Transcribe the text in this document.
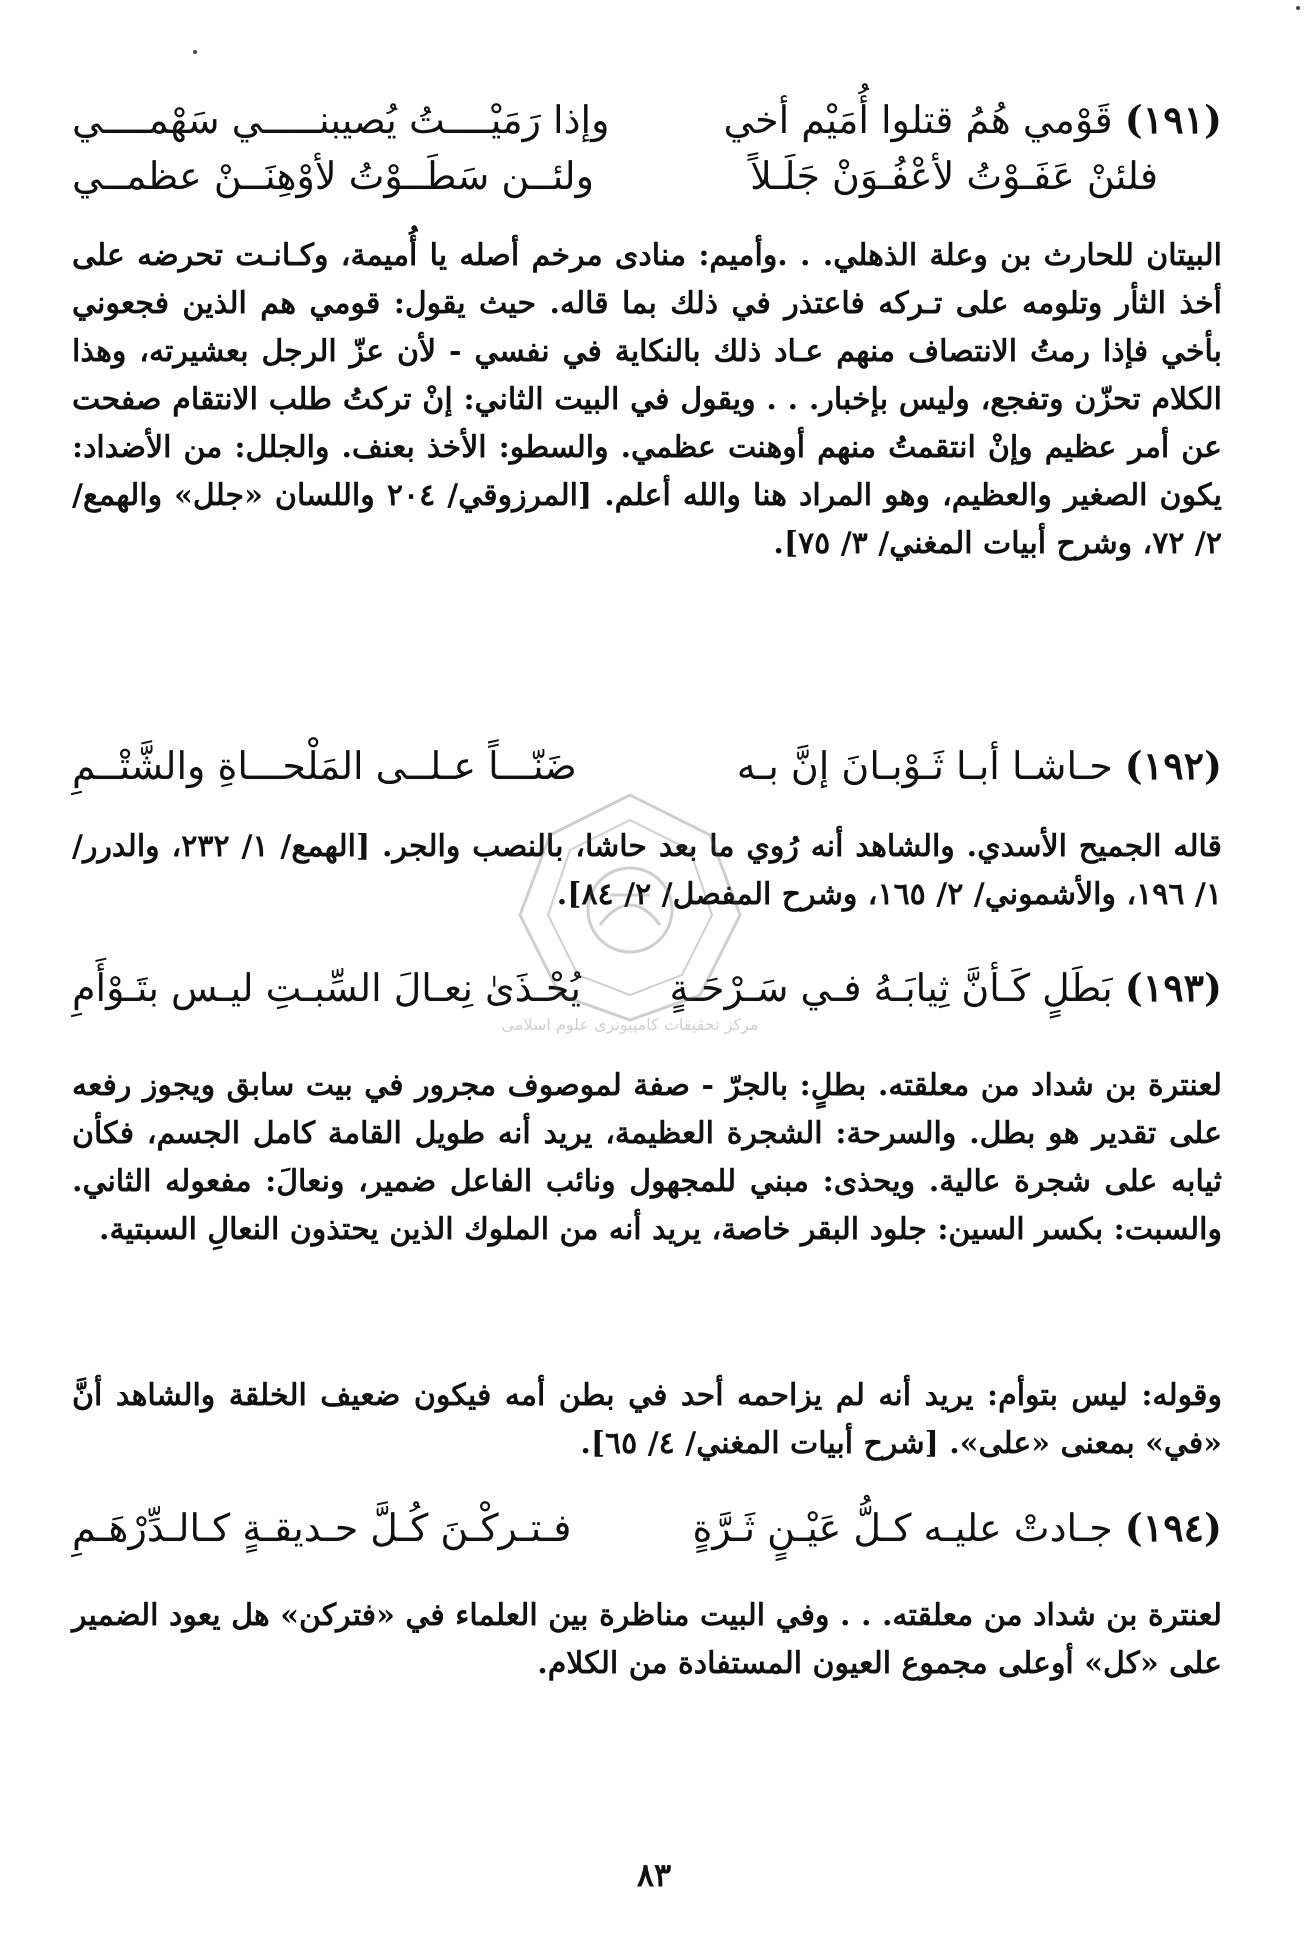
(١٩١) قَوْمي هُمُ قتلوا أُمَيْم أخي
وإذا رَمَيْــــتُ يُصيبنـــــي سَهْمــــي
فلئنْ عَفَـوْتُ لأعْفُـوَنْ جَلَـلاً
ولئــن سَطَــوْتُ لأوْهِنَــنْ عظمــي

البيتان للحارث بن وعلة الذهلي. . .وأميم: منادى مرخم أصله يا أُميمة، وكـانـت تحرضه على أخذ الثأر وتلومه على تـركه فاعتذر في ذلك بما قاله. حيث يقول: قومي هم الذين فجعوني بأخي فإذا رمتُ الانتصاف منهم عـاد ذلك بالنكاية في نفسي - لأن عزّ الرجل بعشيرته، وهذا الكلام تحزّن وتفجع، وليس بإخبار. . . ويقول في البيت الثاني: إنْ تركتُ طلب الانتقام صفحت عن أمر عظيم وإنْ انتقمتُ منهم أوهنت عظمي. والسطو: الأخذ بعنف. والجلل: من الأضداد: يكون الصغير والعظيم، وهو المراد هنا والله أعلم. [المرزوقي/ ٢٠٤ واللسان «جلل» والهمع/ ٢/ ٧٢، وشرح أبيات المغني/ ٣/ ٧٥].

(١٩٢) حـاشـا أبـا ثَـوْبـانَ إنَّ بـه
ضَنّـــاً عـلــى المَلْحـــاةِ والشَّتْــمِ

قاله الجميح الأسدي. والشاهد أنه رُوي ما بعد حاشا، بالنصب والجر. [الهمع/ ١/ ٢٣٢، والدرر/ ١/ ١٩٦، والأشموني/ ٢/ ١٦٥، وشرح المفصل/ ٢/ ٨٤].

(١٩٣) بَطَلٍ كَـأنَّ ثِيابَـهُ فـي سَـرْحَـةٍ
يُحْـذَىٰ نِعـالَ السِّبـتِ ليـس بتَـوْأَمِ

لعنترة بن شداد من معلقته. بطلٍ: بالجرّ - صفة لموصوف مجرور في بيت سابق ويجوز رفعه على تقدير هو بطل. والسرحة: الشجرة العظيمة، يريد أنه طويل القامة كامل الجسم، فكأن ثيابه على شجرة عالية. ويحذى: مبني للمجهول ونائب الفاعل ضمير، ونعالَ: مفعوله الثاني. والسبت: بكسر السين: جلود البقر خاصة، يريد أنه من الملوك الذين يحتذون النعالِ السبتية.

وقوله: ليس بتوأم: يريد أنه لم يزاحمه أحد في بطن أمه فيكون ضعيف الخلقة والشاهد أنَّ «في» بمعنى «على». [شرح أبيات المغني/ ٤/ ٦٥].

(١٩٤) جـادتْ عليـه كـلُّ عَيْـنٍ ثَـرَّةٍ
فـتـركْـنَ كُـلَّ حـديقـةٍ كـالـدِّرْهَـمِ

لعنترة بن شداد من معلقته. . . وفي البيت مناظرة بين العلماء في «فتركن» هل يعود الضمير على «كل» أوعلى مجموع العيون المستفادة من الكلام.

مركز تحقيقات كامپيوترى علوم اسلامى
٨٣
